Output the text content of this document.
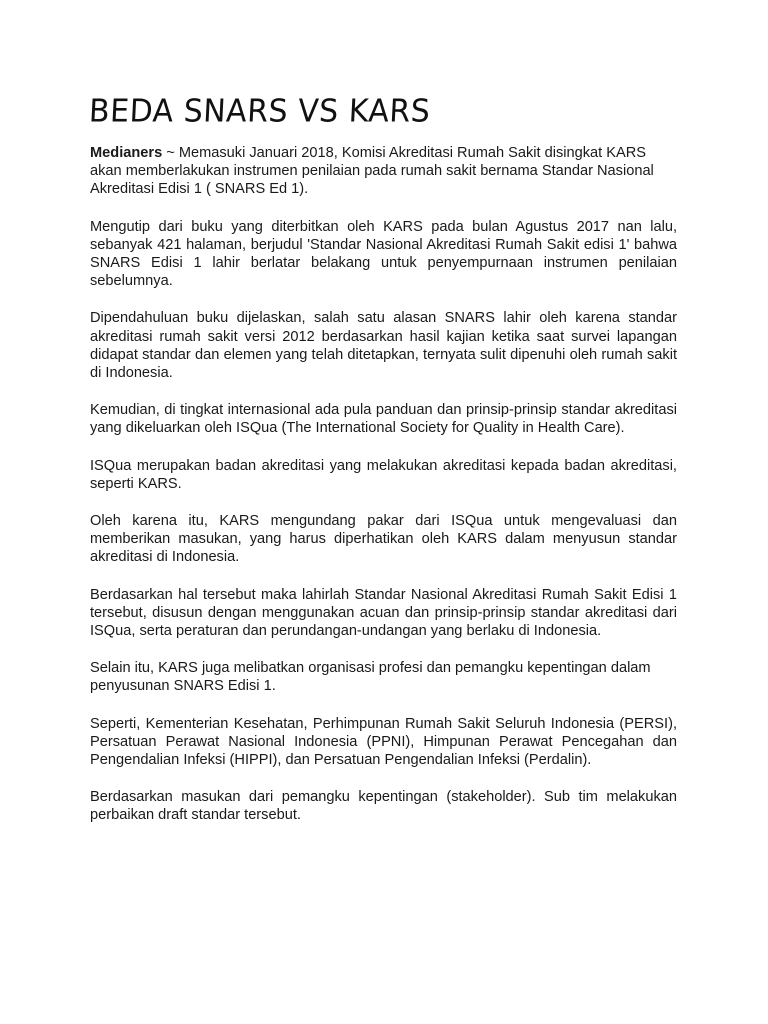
BEDA SNARS VS KARS

Medianers ~ Memasuki Januari 2018, Komisi Akreditasi Rumah Sakit disingkat KARS akan memberlakukan instrumen penilaian pada rumah sakit bernama Standar Nasional Akreditasi Edisi 1 ( SNARS Ed 1).

Mengutip dari buku yang diterbitkan oleh KARS pada bulan Agustus 2017 nan lalu, sebanyak 421 halaman, berjudul 'Standar Nasional Akreditasi Rumah Sakit edisi 1' bahwa SNARS Edisi 1 lahir berlatar belakang untuk penyempurnaan instrumen penilaian sebelumnya.

Dipendahuluan buku dijelaskan, salah satu alasan SNARS lahir oleh karena standar akreditasi rumah sakit versi 2012 berdasarkan hasil kajian ketika saat survei lapangan didapat standar dan elemen yang telah ditetapkan, ternyata sulit dipenuhi oleh rumah sakit di Indonesia.

Kemudian, di tingkat internasional ada pula panduan dan prinsip-prinsip standar akreditasi yang dikeluarkan oleh ISQua (The International Society for Quality in Health Care).

ISQua merupakan badan akreditasi yang melakukan akreditasi kepada badan akreditasi, seperti KARS.

Oleh karena itu, KARS mengundang pakar dari ISQua untuk mengevaluasi dan memberikan masukan, yang harus diperhatikan oleh KARS dalam menyusun standar akreditasi di Indonesia.

Berdasarkan hal tersebut maka lahirlah Standar Nasional Akreditasi Rumah Sakit Edisi 1 tersebut, disusun dengan menggunakan acuan dan prinsip-prinsip standar akreditasi dari ISQua, serta peraturan dan perundangan-undangan yang berlaku di Indonesia.

Selain itu, KARS juga melibatkan organisasi profesi dan pemangku kepentingan dalam penyusunan SNARS Edisi 1.

Seperti, Kementerian Kesehatan, Perhimpunan Rumah Sakit Seluruh Indonesia (PERSI), Persatuan Perawat Nasional Indonesia (PPNI), Himpunan Perawat Pencegahan dan Pengendalian Infeksi (HIPPI), dan Persatuan Pengendalian Infeksi (Perdalin).

Berdasarkan masukan dari pemangku kepentingan (stakeholder). Sub tim melakukan perbaikan draft standar tersebut.
